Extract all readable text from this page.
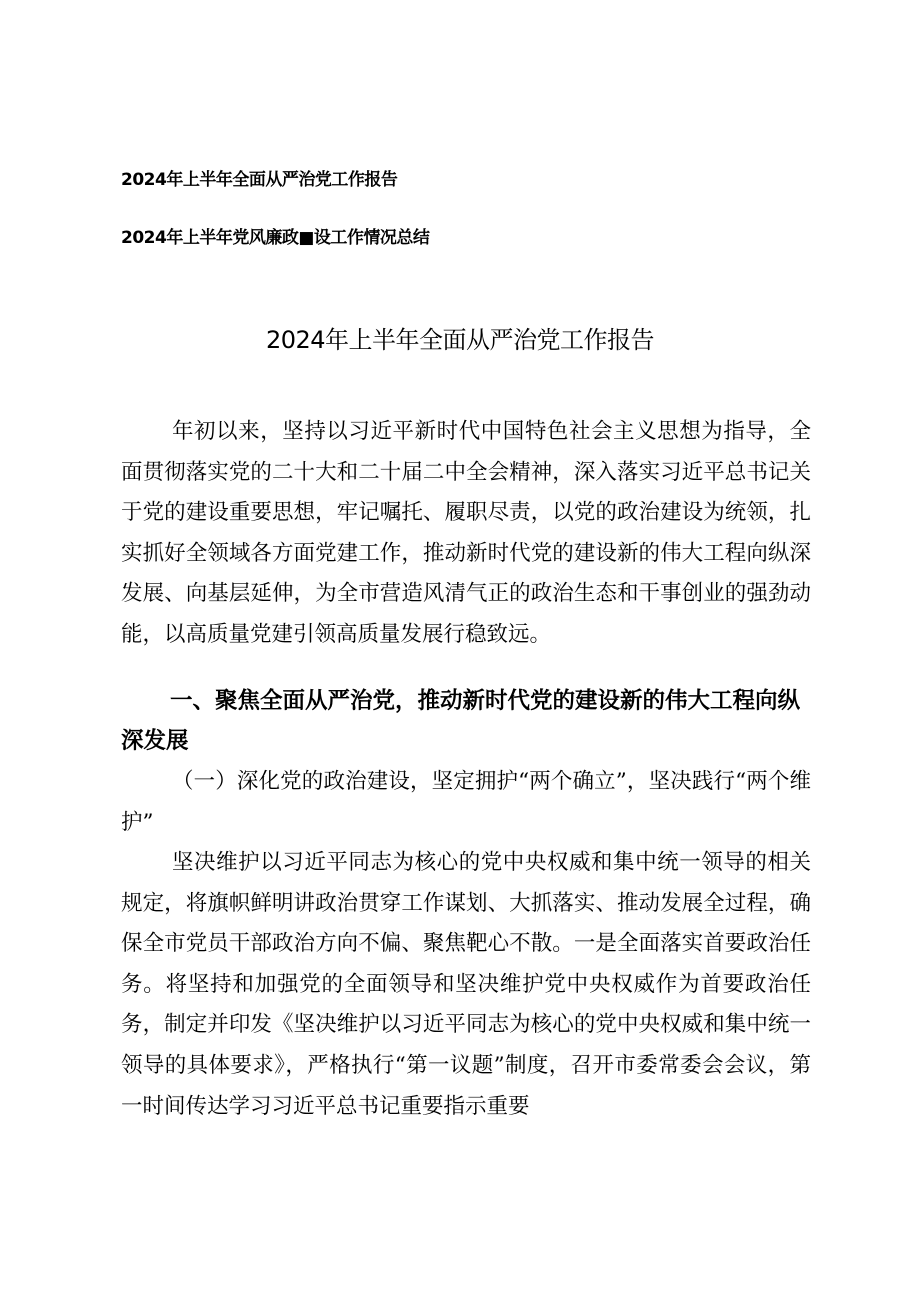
2024年上半年全面从严治党工作报告
2024年上半年党风廉政■设工作情况总结
2024年上半年全面从严治党工作报告
年初以来，坚持以习近平新时代中国特色社会主义思想为指导，全面贯彻落实党的二十大和二十届二中全会精神，深入落实习近平总书记关于党的建设重要思想，牢记嘱托、履职尽责，以党的政治建设为统领，扎实抓好全领域各方面党建工作，推动新时代党的建设新的伟大工程向纵深发展、向基层延伸，为全市营造风清气正的政治生态和干事创业的强劲动能，以高质量党建引领高质量发展行稳致远。
一、聚焦全面从严治党，推动新时代党的建设新的伟大工程向纵深发展
（一）深化党的政治建设，坚定拥护“两个确立”，坚决践行“两个维护”
坚决维护以习近平同志为核心的党中央权威和集中统一领导的相关规定，将旗帜鲜明讲政治贯穿工作谋划、大抓落实、推动发展全过程，确保全市党员干部政治方向不偏、聚焦靶心不散。一是全面落实首要政治任务。将坚持和加强党的全面领导和坚决维护党中央权威作为首要政治任务，制定并印发《坚决维护以习近平同志为核心的党中央权威和集中统一领导的具体要求》，严格执行“第一议题”制度，召开市委常委会会议，第一时间传达学习习近平总书记重要指示重要
